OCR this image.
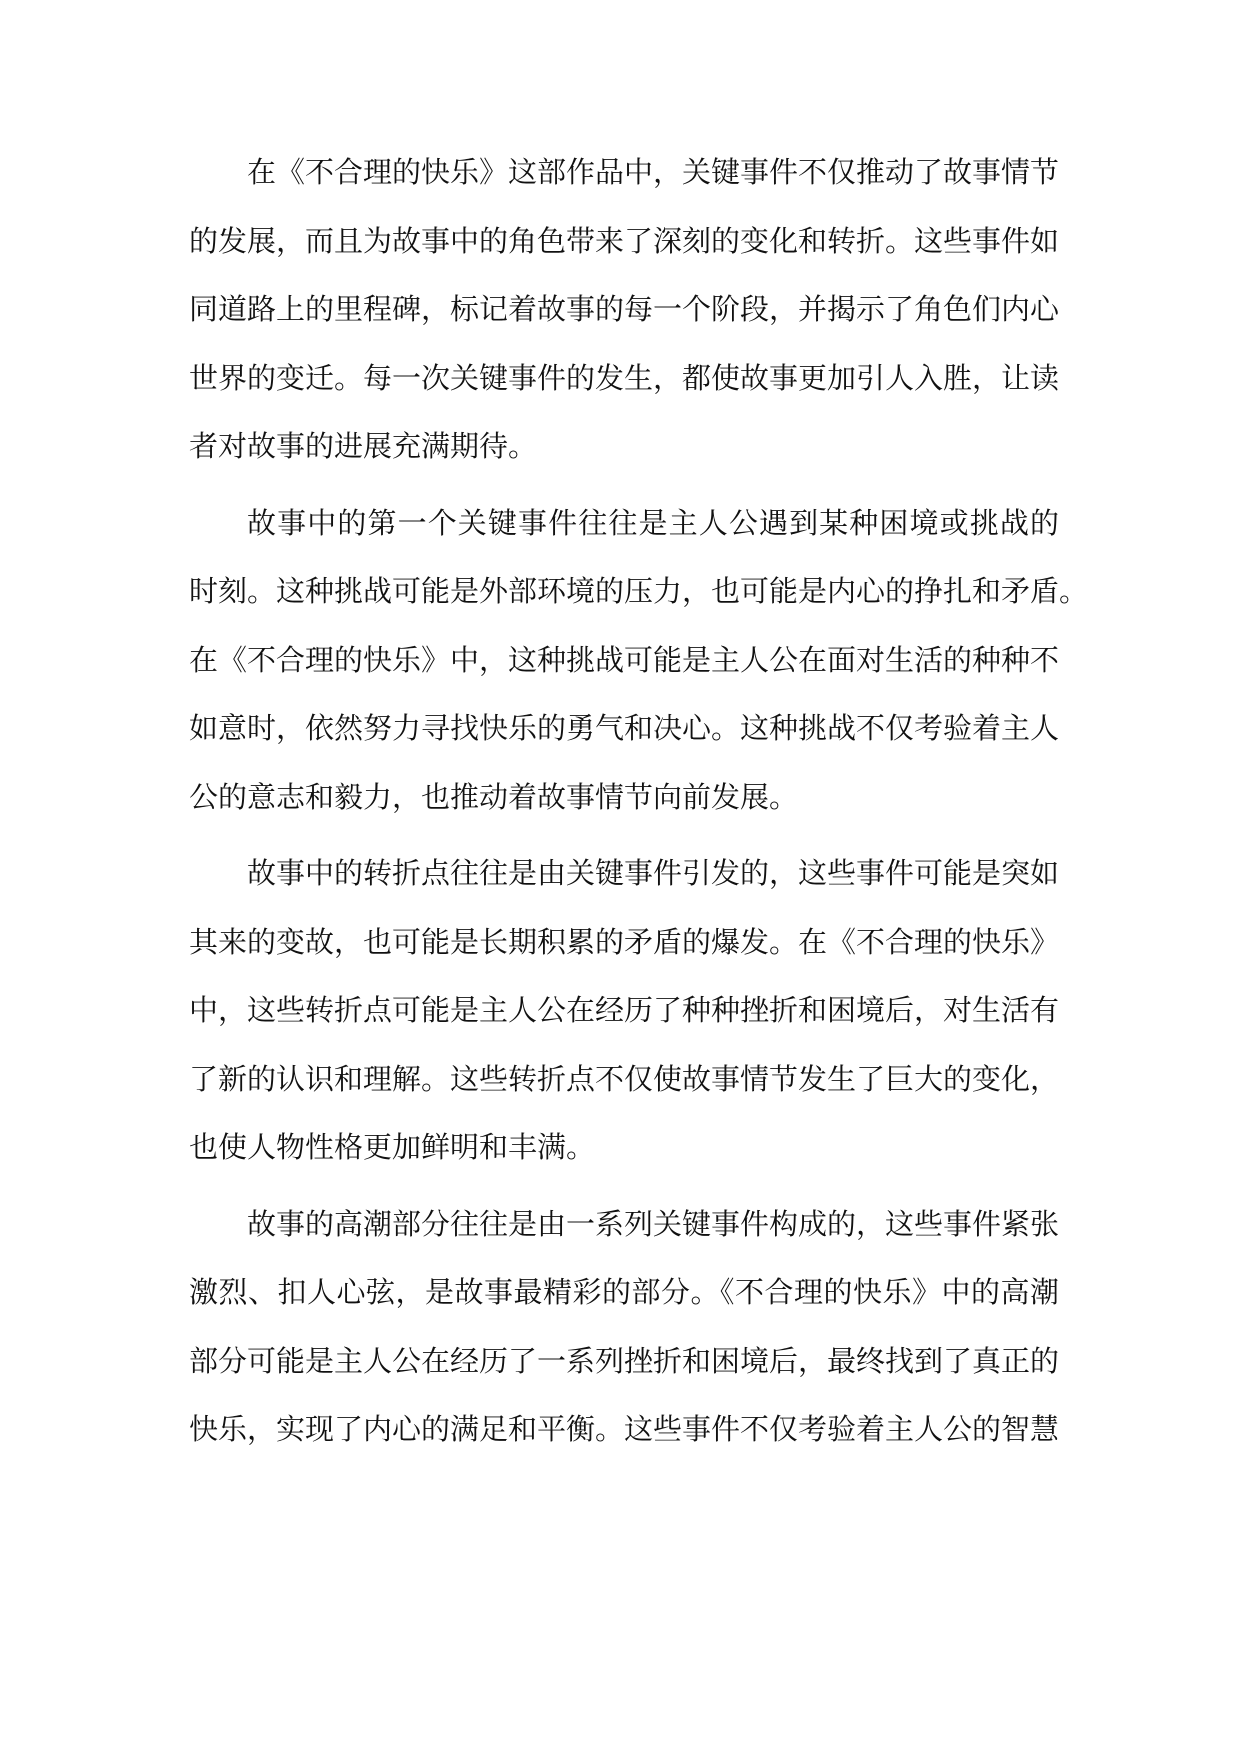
在《不合理的快乐》这部作品中，关键事件不仅推动了故事情节
的发展，而且为故事中的角色带来了深刻的变化和转折。这些事件如
同道路上的里程碑，标记着故事的每一个阶段，并揭示了角色们内心
世界的变迁。每一次关键事件的发生，都使故事更加引人入胜，让读
者对故事的进展充满期待。
故事中的第一个关键事件往往是主人公遇到某种困境或挑战的
时刻。这种挑战可能是外部环境的压力，也可能是内心的挣扎和矛盾。
在《不合理的快乐》中，这种挑战可能是主人公在面对生活的种种不
如意时，依然努力寻找快乐的勇气和决心。这种挑战不仅考验着主人
公的意志和毅力，也推动着故事情节向前发展。
故事中的转折点往往是由关键事件引发的，这些事件可能是突如
其来的变故，也可能是长期积累的矛盾的爆发。在《不合理的快乐》
中，这些转折点可能是主人公在经历了种种挫折和困境后，对生活有
了新的认识和理解。这些转折点不仅使故事情节发生了巨大的变化，
也使人物性格更加鲜明和丰满。
故事的高潮部分往往是由一系列关键事件构成的，这些事件紧张
激烈、扣人心弦，是故事最精彩的部分。《不合理的快乐》中的高潮
部分可能是主人公在经历了一系列挫折和困境后，最终找到了真正的
快乐，实现了内心的满足和平衡。这些事件不仅考验着主人公的智慧
